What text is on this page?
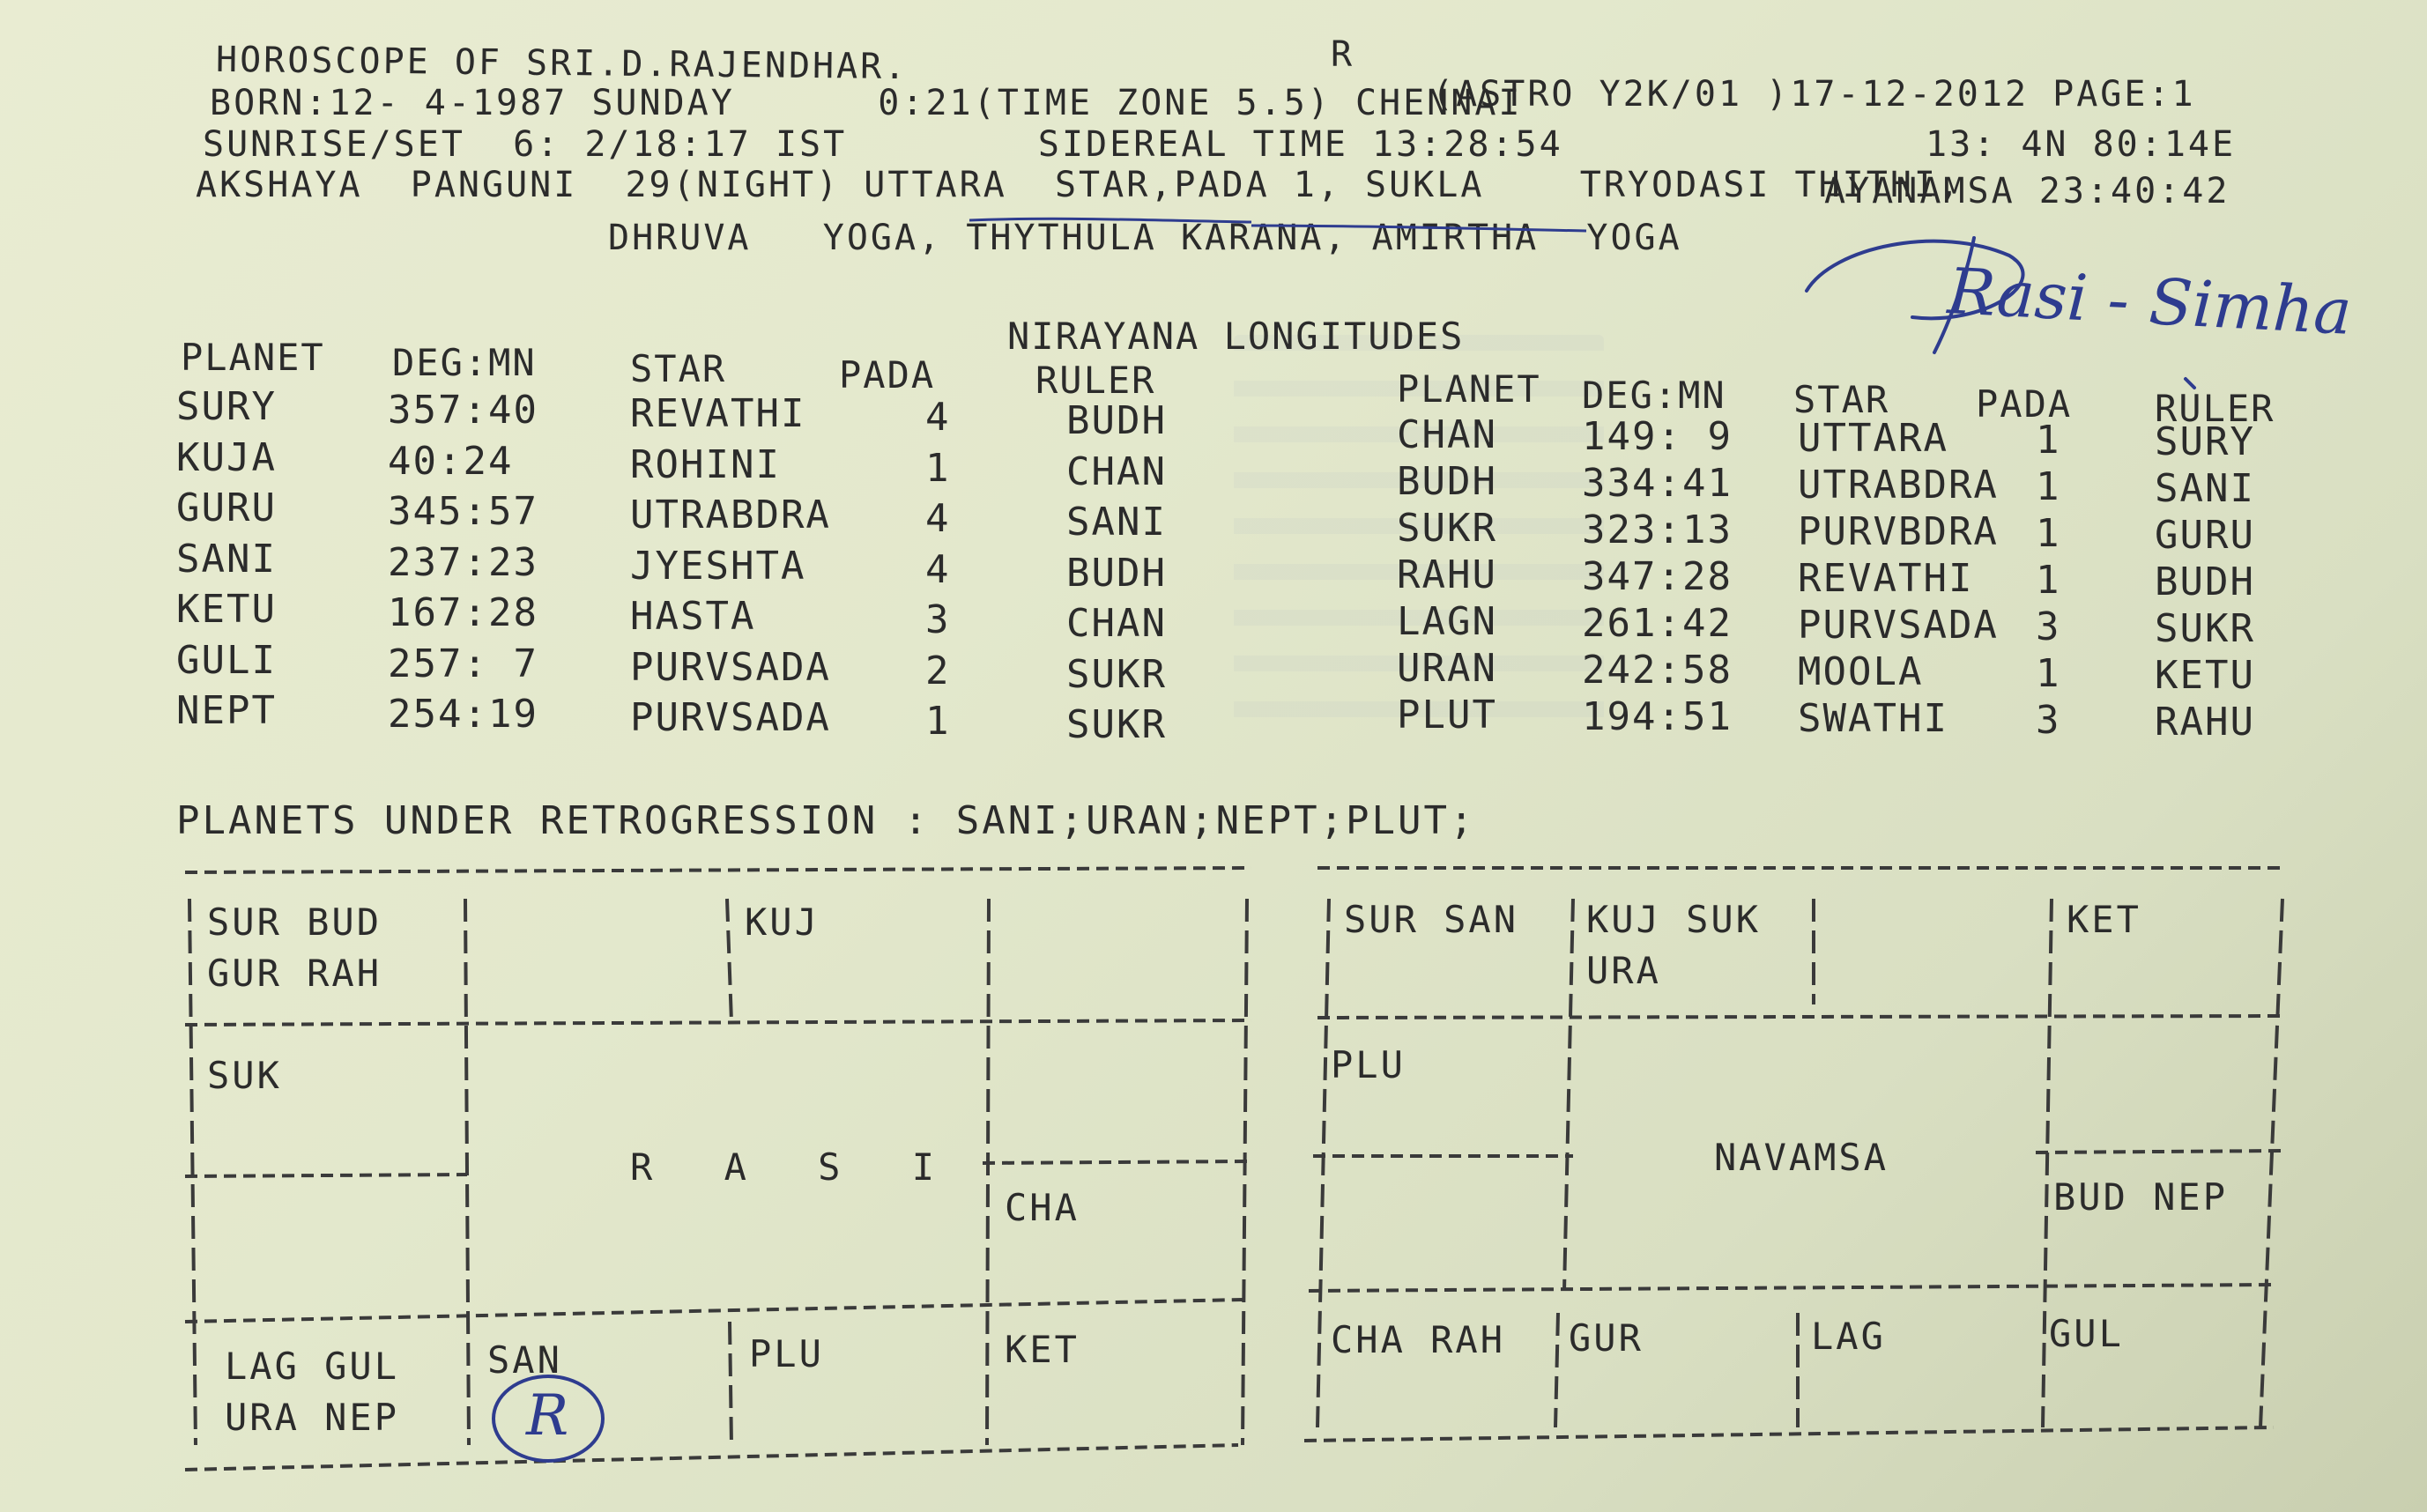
R
HOROSCOPE OF SRI.D.RAJENDHAR.
(ASTRO Y2K/01 )17-12-2012 PAGE:1
BORN:12- 4-1987 SUNDAY      0:21(TIME ZONE 5.5) CHENNAI
13: 4N 80:14E
SUNRISE/SET  6: 2/18:17 IST        SIDEREAL TIME 13:28:54
AYANAMSA 23:40:42
AKSHAYA  PANGUNI  29(NIGHT) UTTARA  STAR,PADA 1, SUKLA    TRYODASI THITHI,
DHRUVA   YOGA, THYTHULA KARANA, AMIRTHA  YOGA
NIRAYANA LONGITUDES
PLANET DEG:MN	STAR	PADA	RULER
SURY	357:40 REVATHI	4	BUDH
KUJA	40:24	ROHINI	1	CHAN
GURU	345:57 UTRABDRA 4	SANI
SANI	237:23 JYESHTA	4	BUDH
KETU	167:28 HASTA	3	CHAN
GULI	257: 7 PURVSADA 2	SUKR
NEPT	254:19 PURVSADA 1	SUKR
PLANET DEG:MN STAR PADA RULER
CHAN 149: 9 UTTARA 1 SURY
BUDH 334:41 UTRABDRA 1 SANI
SUKR 323:13 PURVBDRA 1 GURU
RAHU 347:28 REVATHI 1 BUDH
LAGN 261:42 PURVSADA 3 SUKR
URAN 242:58 MOOLA	1 KETU
PLUT 194:51 SWATHI 3 RAHU
PLANETS UNDER RETROGRESSION : SANI;URAN;NEPT;PLUT;
R A S I
SUR BUD
GUR RAH
KUJ
SUK
CHA
LAG GUL
URA NEP
SAN	PLU	KET
NAVAMSA
SUR SAN KUJ SUK
URA
KET
PLU
BUD NEP
CHA RAH GUR	LAG	GUL
Rasi - Simha
R
